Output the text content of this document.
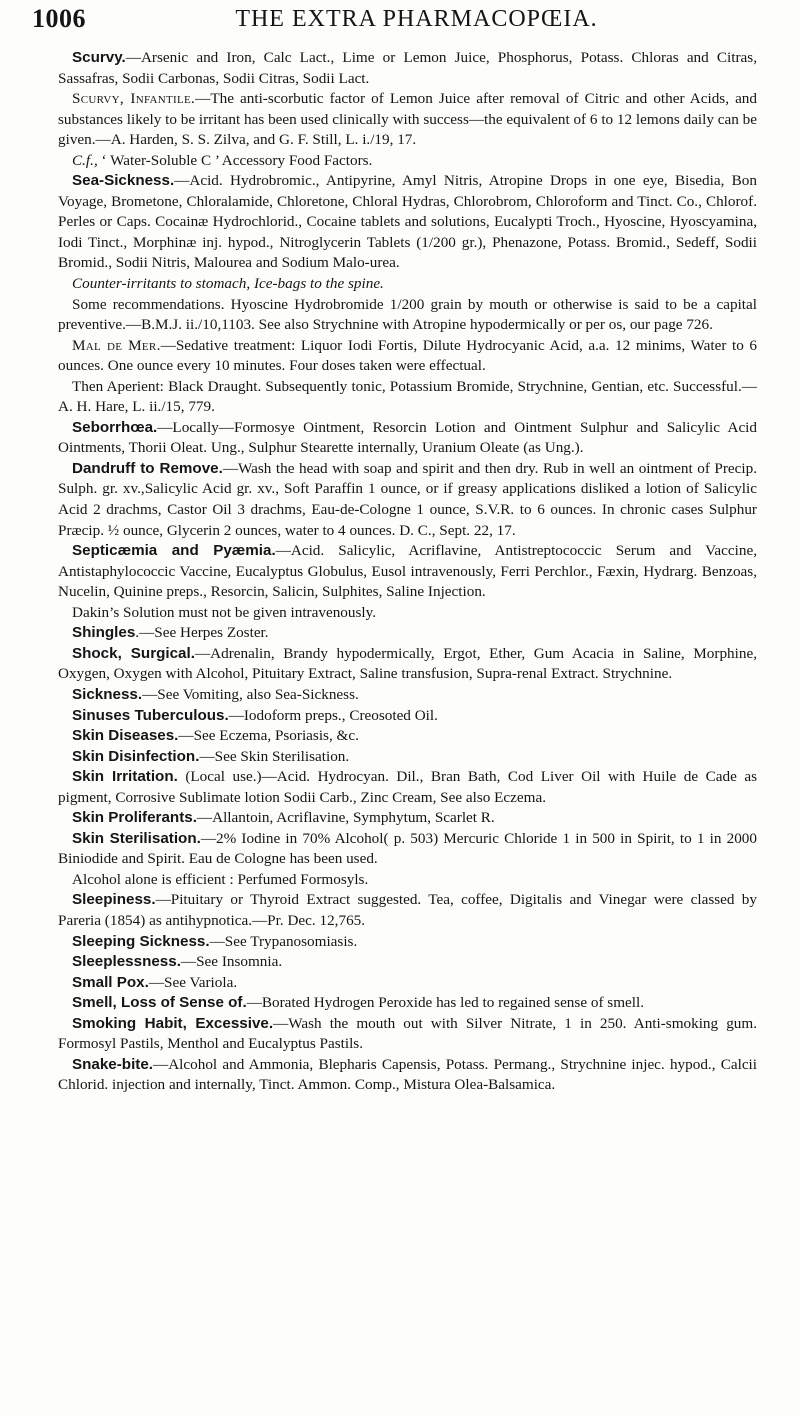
1006	THE EXTRA PHARMACOPŒIA.

Scurvy.—Arsenic and Iron, Calc Lact., Lime or Lemon Juice, Phosphorus, Potass. Chloras and Citras, Sassafras, Sodii Carbonas, Sodii Citras, Sodii Lact.

Scurvy, Infantile.—The anti-scorbutic factor of Lemon Juice after removal of Citric and other Acids, and substances likely to be irritant has been used clinically with success—the equivalent of 6 to 12 lemons daily can be given.—A. Harden, S. S. Zilva, and G. F. Still, L. i./19, 17.

C.f., ‘ Water-Soluble C ’ Accessory Food Factors.

Sea-Sickness.—Acid. Hydrobromic., Antipyrine, Amyl Nitris, Atropine Drops in one eye, Bisedia, Bon Voyage, Brometone, Chloralamide, Chloretone, Chloral Hydras, Chlorobrom, Chloroform and Tinct. Co., Chlorof. Perles or Caps. Cocainæ Hydrochlorid., Cocaine tablets and solutions, Eucalypti Troch., Hyoscine, Hyoscyamina, Iodi Tinct., Morphinæ inj. hypod., Nitroglycerin Tablets (1/200 gr.), Phenazone, Potass. Bromid., Sedeff, Sodii Bromid., Sodii Nitris, Malourea and Sodium Malo-urea.

Counter-irritants to stomach, Ice-bags to the spine.

Some recommendations. Hyoscine Hydrobromide 1/200 grain by mouth or otherwise is said to be a capital preventive.—B.M.J. ii./10,1103. See also Strychnine with Atropine hypodermically or per os, our page 726.

Mal de Mer.—Sedative treatment: Liquor Iodi Fortis, Dilute Hydrocyanic Acid, a.a. 12 minims, Water to 6 ounces. One ounce every 10 minutes. Four doses taken were effectual.

Then Aperient: Black Draught. Subsequently tonic, Potassium Bromide, Strychnine, Gentian, etc. Successful.—A. H. Hare, L. ii./15, 779.

Seborrhœa.—Locally—Formosye Ointment, Resorcin Lotion and Ointment Sulphur and Salicylic Acid Ointments, Thorii Oleat. Ung., Sulphur Stearette internally, Uranium Oleate (as Ung.).

Dandruff to Remove.—Wash the head with soap and spirit and then dry. Rub in well an ointment of Precip. Sulph. gr. xv.,Salicylic Acid gr. xv., Soft Paraffin 1 ounce, or if greasy applications disliked a lotion of Salicylic Acid 2 drachms, Castor Oil 3 drachms, Eau-de-Cologne 1 ounce, S.V.R. to 6 ounces. In chronic cases Sulphur Præcip. ½ ounce, Glycerin 2 ounces, water to 4 ounces. D. C., Sept. 22, 17.

Septicæmia and Pyæmia.—Acid. Salicylic, Acriflavine, Antistreptococcic Serum and Vaccine, Antistaphylococcic Vaccine, Eucalyptus Globulus, Eusol intravenously, Ferri Perchlor., Fæxin, Hydrarg. Benzoas, Nucelin, Quinine preps., Resorcin, Salicin, Sulphites, Saline Injection.

Dakin’s Solution must not be given intravenously.

Shingles.—See Herpes Zoster.

Shock, Surgical.—Adrenalin, Brandy hypodermically, Ergot, Ether, Gum Acacia in Saline, Morphine, Oxygen, Oxygen with Alcohol, Pituitary Extract, Saline transfusion, Supra-renal Extract. Strychnine.

Sickness.—See Vomiting, also Sea-Sickness.

Sinuses Tuberculous.—Iodoform preps., Creosoted Oil.

Skin Diseases.—See Eczema, Psoriasis, &c.

Skin Disinfection.—See Skin Sterilisation.

Skin Irritation. (Local use.)—Acid. Hydrocyan. Dil., Bran Bath, Cod Liver Oil with Huile de Cade as pigment, Corrosive Sublimate lotion Sodii Carb., Zinc Cream, See also Eczema.

Skin Proliferants.—Allantoin, Acriflavine, Symphytum, Scarlet R.

Skin Sterilisation.—2% Iodine in 70% Alcohol( p. 503) Mercuric Chloride 1 in 500 in Spirit, to 1 in 2000 Biniodide and Spirit. Eau de Cologne has been used.

Alcohol alone is efficient : Perfumed Formosyls.

Sleepiness.—Pituitary or Thyroid Extract suggested. Tea, coffee, Digitalis and Vinegar were classed by Pareria (1854) as antihypnotica.—Pr. Dec. 12,765.

Sleeping Sickness.—See Trypanosomiasis.

Sleeplessness.—See Insomnia.

Small Pox.—See Variola.

Smell, Loss of Sense of.—Borated Hydrogen Peroxide has led to regained sense of smell.

Smoking Habit, Excessive.—Wash the mouth out with Silver Nitrate, 1 in 250. Anti-smoking gum. Formosyl Pastils, Menthol and Eucalyptus Pastils.

Snake-bite.—Alcohol and Ammonia, Blepharis Capensis, Potass. Permang., Strychnine injec. hypod., Calcii Chlorid. injection and internally, Tinct. Ammon. Comp., Mistura Olea-Balsamica.
